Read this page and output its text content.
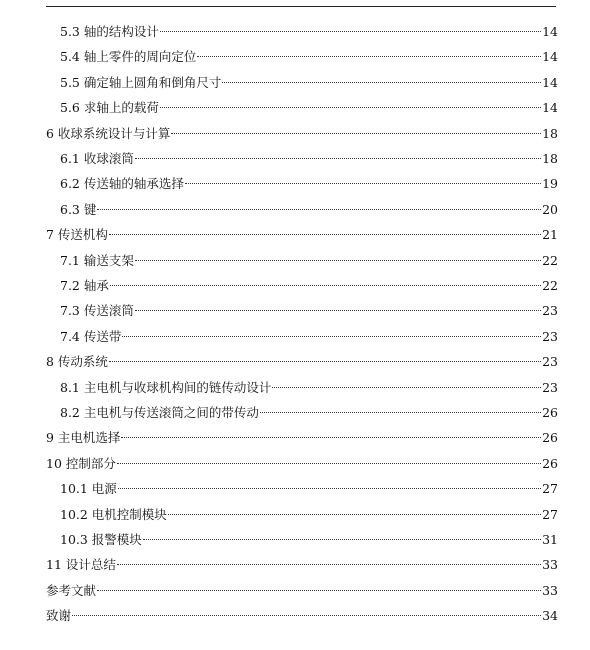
5.3 轴的结构设计	14
5.4 轴上零件的周向定位	14
5.5 确定轴上圆角和倒角尺寸	14
5.6 求轴上的载荷	14
6 收球系统设计与计算	18
6.1 收球滚筒	18
6.2 传送轴的轴承选择	19
6.3 键	20
7 传送机构	21
7.1 输送支架	22
7.2 轴承	22
7.3 传送滚筒	23
7.4 传送带	23
8 传动系统	23
8.1 主电机与收球机构间的链传动设计	23
8.2 主电机与传送滚筒之间的带传动	26
9 主电机选择	26
10 控制部分	26
10.1 电源	27
10.2 电机控制模块	27
10.3 报警模块	31
11 设计总结	33
参考文献	33
致谢	34
